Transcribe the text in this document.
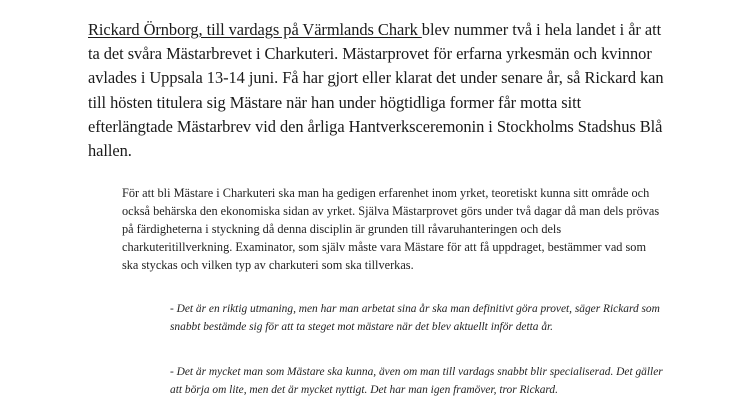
Rickard Örnborg, till vardags på Värmlands Chark blev nummer två i hela landet i år att ta det svåra Mästarbrevet i Charkuteri. Mästarprovet för erfarna yrkesmän och kvinnor avlades i Uppsala 13-14 juni. Få har gjort eller klarat det under senare år, så Rickard kan till hösten titulera sig Mästare när han under högtidliga former får motta sitt efterlängtade Mästarbrev vid den årliga Hantverksceremonin i Stockholms Stadshus Blå hallen.

För att bli Mästare i Charkuteri ska man ha gedigen erfarenhet inom yrket, teoretiskt kunna sitt område och också behärska den ekonomiska sidan av yrket. Själva Mästarprovet görs under två dagar då man dels prövas på färdigheterna i styckning då denna disciplin är grunden till råvaruhanteringen och dels charkuteritillverkning. Examinator, som själv måste vara Mästare för att få uppdraget, bestämmer vad som ska styckas och vilken typ av charkuteri som ska tillverkas.

- Det är en riktig utmaning, men har man arbetat sina år ska man definitivt göra provet, säger Rickard som snabbt bestämde sig för att ta steget mot mästare när det blev aktuellt inför detta år.

- Det är mycket man som Mästare ska kunna, även om man till vardags snabbt blir specialiserad. Det gäller att börja om lite, men det är mycket nyttigt. Det har man igen framöver, tror Rickard.
